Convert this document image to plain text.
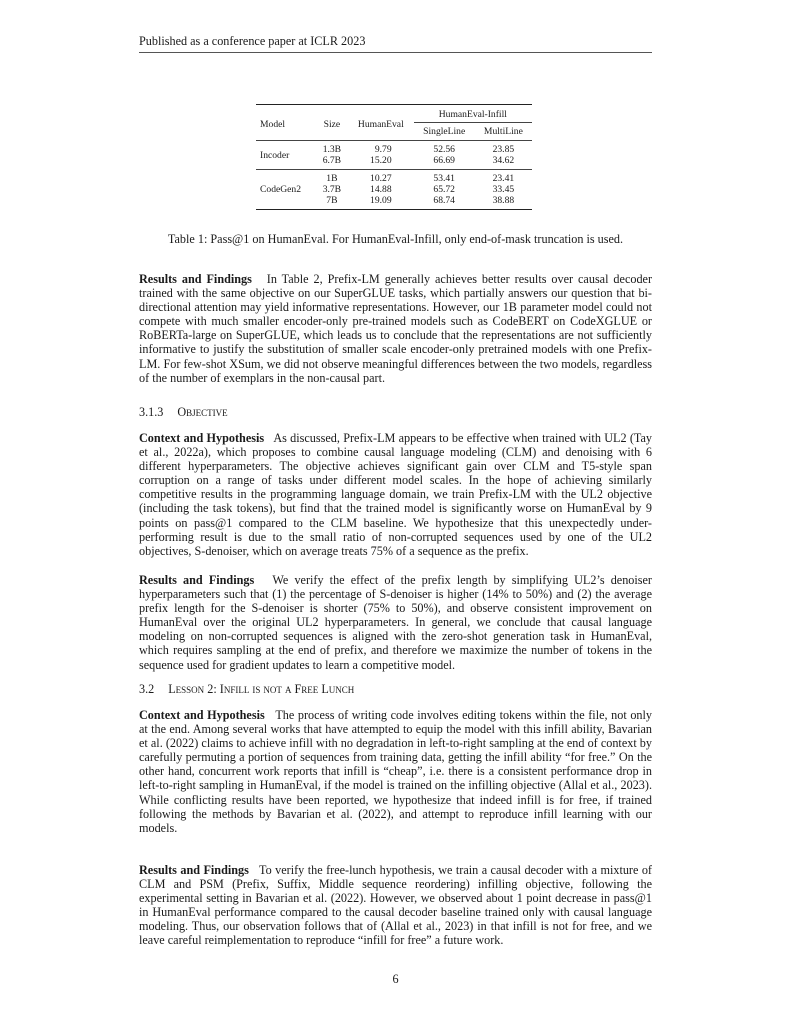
Published as a conference paper at ICLR 2023
Model	Size	HumanEval	HumanEval-Infill	
			SingleLine	MultiLine
Incoder	1.3B	9.79	52.56	23.85
	6.7B	15.20	66.69	34.62
CodeGen2	1B	10.27	53.41	23.41
	3.7B	14.88	65.72	33.45
	7B	19.09	68.74	38.88
Table 1: Pass@1 on HumanEval. For HumanEval-Infill, only end-of-mask truncation is used.
Results and Findings In Table 2, Prefix-LM generally achieves better results over causal decoder trained with the same objective on our SuperGLUE tasks, which partially answers our question that bi-directional attention may yield informative representations. However, our 1B parameter model could not compete with much smaller encoder-only pre-trained models such as CodeBERT on CodeXGLUE or RoBERTa-large on SuperGLUE, which leads us to conclude that the representations are not sufficiently informative to justify the substitution of smaller scale encoder-only pretrained models with one Prefix-LM. For few-shot XSum, we did not observe meaningful differences between the two models, regardless of the number of exemplars in the non-causal part.
3.1.3 Objective
Context and Hypothesis As discussed, Prefix-LM appears to be effective when trained with UL2 (Tay et al., 2022a), which proposes to combine causal language modeling (CLM) and denoising with 6 different hyperparameters. The objective achieves significant gain over CLM and T5-style span corruption on a range of tasks under different model scales. In the hope of achieving similarly competitive results in the programming language domain, we train Prefix-LM with the UL2 objective (including the task tokens), but find that the trained model is significantly worse on HumanEval by 9 points on pass@1 compared to the CLM baseline. We hypothesize that this unexpectedly under-performing result is due to the small ratio of non-corrupted sequences used by one of the UL2 objectives, S-denoiser, which on average treats 75% of a sequence as the prefix.
Results and Findings We verify the effect of the prefix length by simplifying UL2’s denoiser hyperparameters such that (1) the percentage of S-denoiser is higher (14% to 50%) and (2) the average prefix length for the S-denoiser is shorter (75% to 50%), and observe consistent improvement on HumanEval over the original UL2 hyperparameters. In general, we conclude that causal language modeling on non-corrupted sequences is aligned with the zero-shot generation task in HumanEval, which requires sampling at the end of prefix, and therefore we maximize the number of tokens in the sequence used for gradient updates to learn a competitive model.
3.2 Lesson 2: Infill is not a Free Lunch
Context and Hypothesis The process of writing code involves editing tokens within the file, not only at the end. Among several works that have attempted to equip the model with this infill ability, Bavarian et al. (2022) claims to achieve infill with no degradation in left-to-right sampling at the end of context by carefully permuting a portion of sequences from training data, getting the infill ability “for free.” On the other hand, concurrent work reports that infill is “cheap”, i.e. there is a consistent performance drop in left-to-right sampling in HumanEval, if the model is trained on the infilling objective (Allal et al., 2023). While conflicting results have been reported, we hypothesize that indeed infill is for free, if trained following the methods by Bavarian et al. (2022), and attempt to reproduce infill learning with our models.
Results and Findings To verify the free-lunch hypothesis, we train a causal decoder with a mixture of CLM and PSM (Prefix, Suffix, Middle sequence reordering) infilling objective, following the experimental setting in Bavarian et al. (2022). However, we observed about 1 point decrease in pass@1 in HumanEval performance compared to the causal decoder baseline trained only with causal language modeling. Thus, our observation follows that of (Allal et al., 2023) in that infill is not for free, and we leave careful reimplementation to reproduce “infill for free” a future work.
6
